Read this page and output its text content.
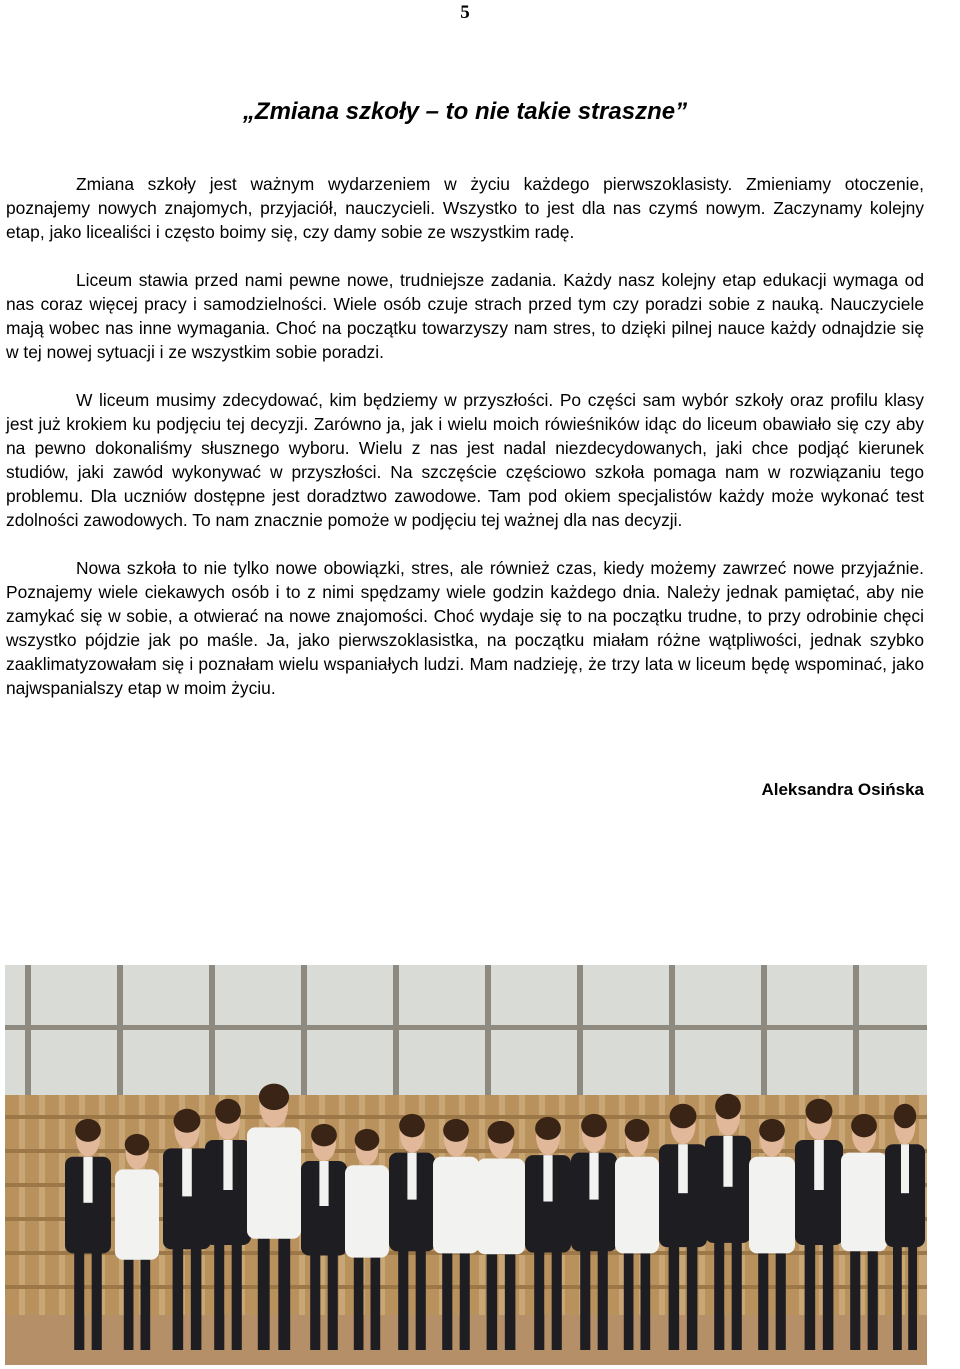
5
„Zmiana szkoły – to nie takie straszne”

Zmiana szkoły jest ważnym wydarzeniem w życiu każdego pierwszoklasisty. Zmieniamy otoczenie, poznajemy nowych znajomych, przyjaciół, nauczycieli. Wszystko to jest dla nas czymś nowym. Zaczynamy kolejny etap, jako licealiści i często boimy się, czy damy sobie ze wszystkim radę.

Liceum stawia przed nami pewne nowe, trudniejsze zadania. Każdy nasz kolejny etap edukacji wymaga od nas coraz więcej pracy i samodzielności. Wiele osób czuje strach przed tym czy poradzi sobie z nauką. Nauczyciele mają wobec nas inne wymagania. Choć na początku towarzyszy nam stres, to dzięki pilnej nauce każdy odnajdzie się w tej nowej sytuacji i ze wszystkim sobie poradzi.

W liceum musimy zdecydować, kim będziemy w przyszłości. Po części sam wybór szkoły oraz profilu klasy jest już krokiem ku podjęciu tej decyzji. Zarówno ja, jak i wielu moich rówieśników idąc do liceum obawiało się czy aby na pewno dokonaliśmy słusznego wyboru. Wielu z nas jest nadal niezdecydowanych, jaki chce podjąć kierunek studiów, jaki zawód wykonywać w przyszłości. Na szczęście częściowo szkoła pomaga nam w rozwiązaniu tego problemu. Dla uczniów dostępne jest doradztwo zawodowe. Tam pod okiem specjalistów każdy może wykonać test zdolności zawodowych. To nam znacznie pomoże w podjęciu tej ważnej dla nas decyzji.

Nowa szkoła to nie tylko nowe obowiązki, stres, ale również czas, kiedy możemy zawrzeć nowe przyjaźnie. Poznajemy wiele ciekawych osób i to z nimi spędzamy wiele godzin każdego dnia. Należy jednak pamiętać, aby nie zamykać się w sobie, a otwierać na nowe znajomości. Choć wydaje się to na początku trudne, to przy odrobinie chęci wszystko pójdzie jak po maśle. Ja, jako pierwszoklasistka, na początku miałam różne wątpliwości, jednak szybko zaaklimatyzowałam się i poznałam wielu wspaniałych ludzi. Mam nadzieję, że trzy lata w liceum będę wspominać, jako najwspanialszy etap w moim życiu.

Aleksandra Osińska
